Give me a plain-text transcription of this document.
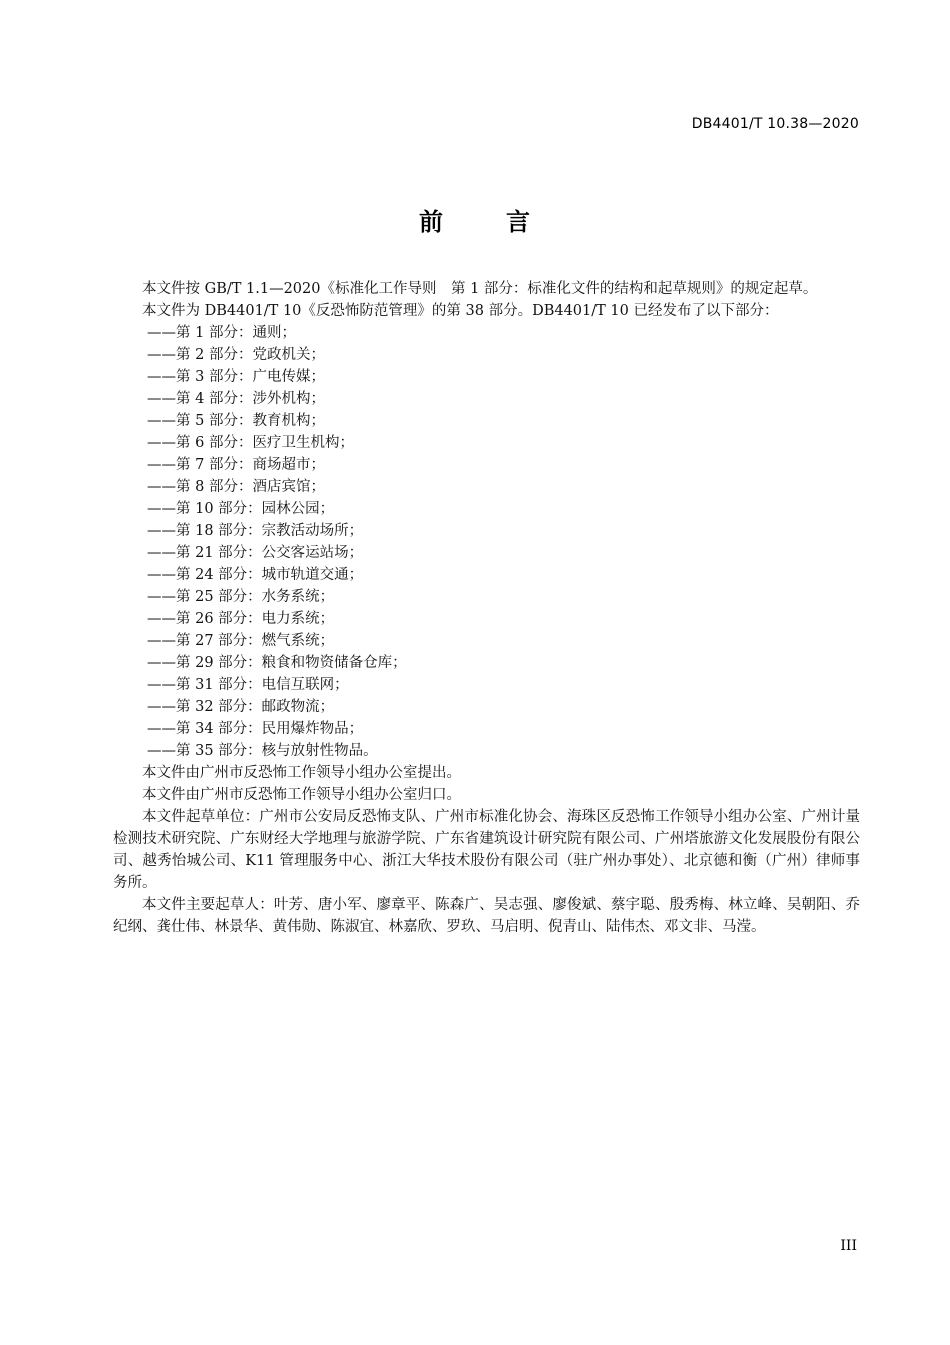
DB4401/T 10.38—2020
前	言

本文件按 GB/T 1.1—2020《标准化工作导则　第 1 部分：标准化文件的结构和起草规则》的规定起草。

本文件为 DB4401/T 10《反恐怖防范管理》的第 38 部分。DB4401/T 10 已经发布了以下部分：

——第 1 部分：通则；
——第 2 部分：党政机关；
——第 3 部分：广电传媒；
——第 4 部分：涉外机构；
——第 5 部分：教育机构；
——第 6 部分：医疗卫生机构；
——第 7 部分：商场超市；
——第 8 部分：酒店宾馆；
——第 10 部分：园林公园；
——第 18 部分：宗教活动场所；
——第 21 部分：公交客运站场；
——第 24 部分：城市轨道交通；
——第 25 部分：水务系统；
——第 26 部分：电力系统；
——第 27 部分：燃气系统；
——第 29 部分：粮食和物资储备仓库；
——第 31 部分：电信互联网；
——第 32 部分：邮政物流；
——第 34 部分：民用爆炸物品；
——第 35 部分：核与放射性物品。

本文件由广州市反恐怖工作领导小组办公室提出。

本文件由广州市反恐怖工作领导小组办公室归口。

本文件起草单位：广州市公安局反恐怖支队、广州市标准化协会、海珠区反恐怖工作领导小组办公室、广州计量检测技术研究院、广东财经大学地理与旅游学院、广东省建筑设计研究院有限公司、广州塔旅游文化发展股份有限公司、越秀怡城公司、K11 管理服务中心、浙江大华技术股份有限公司（驻广州办事处）、北京德和衡（广州）律师事务所。

本文件主要起草人：叶芳、唐小军、廖章平、陈森广、吴志强、廖俊斌、蔡宇聪、殷秀梅、林立峰、吴朝阳、乔纪纲、龚仕伟、林景华、黄伟勋、陈淑宜、林嘉欣、罗玖、马启明、倪青山、陆伟杰、邓文非、马滢。

III
